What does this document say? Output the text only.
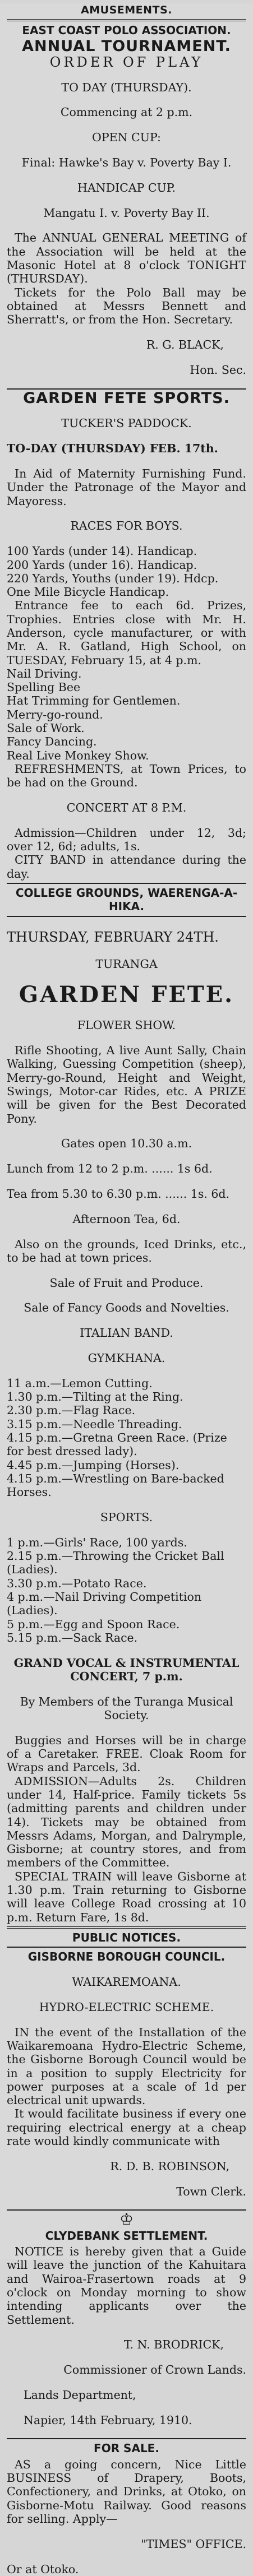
AMUSEMENTS.
EAST COAST POLO ASSOCIATION.
ANNUAL TOURNAMENT.
ORDER OF PLAY

TO DAY (THURSDAY).

Commencing at 2 p.m.

OPEN CUP:

Final: Hawke's Bay v. Poverty Bay I.

HANDICAP CUP.

Mangatu I. v. Poverty Bay II.

The ANNUAL GENERAL MEETING of the Association will be held at the Masonic Hotel at 8 o'clock TONIGHT (THURSDAY).

Tickets for the Polo Ball may be obtained at Messrs Bennett and Sherratt's, or from the Hon. Secretary.

R. G. BLACK,

Hon. Sec.

GARDEN FETE SPORTS.

TUCKER'S PADDOCK.

TO-DAY (THURSDAY) FEB. 17th.

In Aid of Maternity Furnishing Fund. Under the Patronage of the Mayor and Mayoress.

RACES FOR BOYS.

100 Yards (under 14). Handicap.

200 Yards (under 16). Handicap.

220 Yards, Youths (under 19). Hdcp.

One Mile Bicycle Handicap.

Entrance fee to each 6d. Prizes, Trophies. Entries close with Mr. H. Anderson, cycle manufacturer, or with Mr. A. R. Gatland, High School, on TUESDAY, February 15, at 4 p.m.

Nail Driving.

Spelling Bee

Hat Trimming for Gentlemen.

Merry-go-round.

Sale of Work.

Fancy Dancing.

Real Live Monkey Show.

REFRESHMENTS, at Town Prices, to be had on the Ground.

CONCERT AT 8 P.M.

Admission—Children under 12, 3d; over 12, 6d; adults, 1s.

CITY BAND in attendance during the day.

COLLEGE GROUNDS, WAERENGA-A-HIKA.

THURSDAY, FEBRUARY 24TH.

TURANGA

GARDEN FETE.

FLOWER SHOW.

Rifle Shooting, A live Aunt Sally, Chain Walking, Guessing Competition (sheep), Merry-go-Round, Height and Weight, Swings, Motor-car Rides, etc. A PRIZE will be given for the Best Decorated Pony.

Gates open 10.30 a.m.

Lunch from 12 to 2 p.m. ...... 1s 6d.

Tea from 5.30 to 6.30 p.m. ...... 1s. 6d.

Afternoon Tea, 6d.

Also on the grounds, Iced Drinks, etc., to be had at town prices.

Sale of Fruit and Produce.

Sale of Fancy Goods and Novelties.

ITALIAN BAND.

GYMKHANA.

11 a.m.—Lemon Cutting.

1.30 p.m.—Tilting at the Ring.

2.30 p.m.—Flag Race.

3.15 p.m.—Needle Threading.

4.15 p.m.—Gretna Green Race. (Prize for best dressed lady).

4.45 p.m.—Jumping (Horses).

4.15 p.m.—Wrestling on Bare-backed Horses.

SPORTS.

1 p.m.—Girls' Race, 100 yards.

2.15 p.m.—Throwing the Cricket Ball (Ladies).

3.30 p.m.—Potato Race.

4 p.m.—Nail Driving Competition (Ladies).

5 p.m.—Egg and Spoon Race.

5.15 p.m.—Sack Race.

GRAND VOCAL & INSTRUMENTAL CONCERT, 7 p.m.

By Members of the Turanga Musical Society.

Buggies and Horses will be in charge of a Caretaker. FREE. Cloak Room for Wraps and Parcels, 3d.

ADMISSION—Adults 2s. Children under 14, Half-price. Family tickets 5s (admitting parents and children under 14). Tickets may be obtained from Messrs Adams, Morgan, and Dalrymple, Gisborne; at country stores, and from members of the Committee.

SPECIAL TRAIN will leave Gisborne at 1.30 p.m. Train returning to Gisborne will leave College Road crossing at 10 p.m. Return Fare, 1s 8d.

PUBLIC NOTICES.
GISBORNE BOROUGH COUNCIL.

WAIKAREMOANA.

HYDRO-ELECTRIC SCHEME.

IN the event of the Installation of the Waikaremoana Hydro-Electric Scheme, the Gisborne Borough Council would be in a position to supply Electricity for power purposes at a scale of 1d per electrical unit upwards.

It would facilitate business if every one requiring electrical energy at a cheap rate would kindly communicate with

R. D. B. ROBINSON,

Town Clerk.

♔
CLYDEBANK SETTLEMENT.

NOTICE is hereby given that a Guide will leave the junction of the Kahuitara and Wairoa-Frasertown roads at 9 o'clock on Monday morning to show intending applicants over the Settlement.

T. N. BRODRICK,

Commissioner of Crown Lands.

Lands Department,

Napier, 14th February, 1910.

FOR SALE.

AS a going concern, Nice Little BUSINESS of Drapery, Boots, Confectionery, and Drinks, at Otoko, on Gisborne-Motu Railway. Good reasons for selling. Apply—

"TIMES" OFFICE.

Or at Otoko.
